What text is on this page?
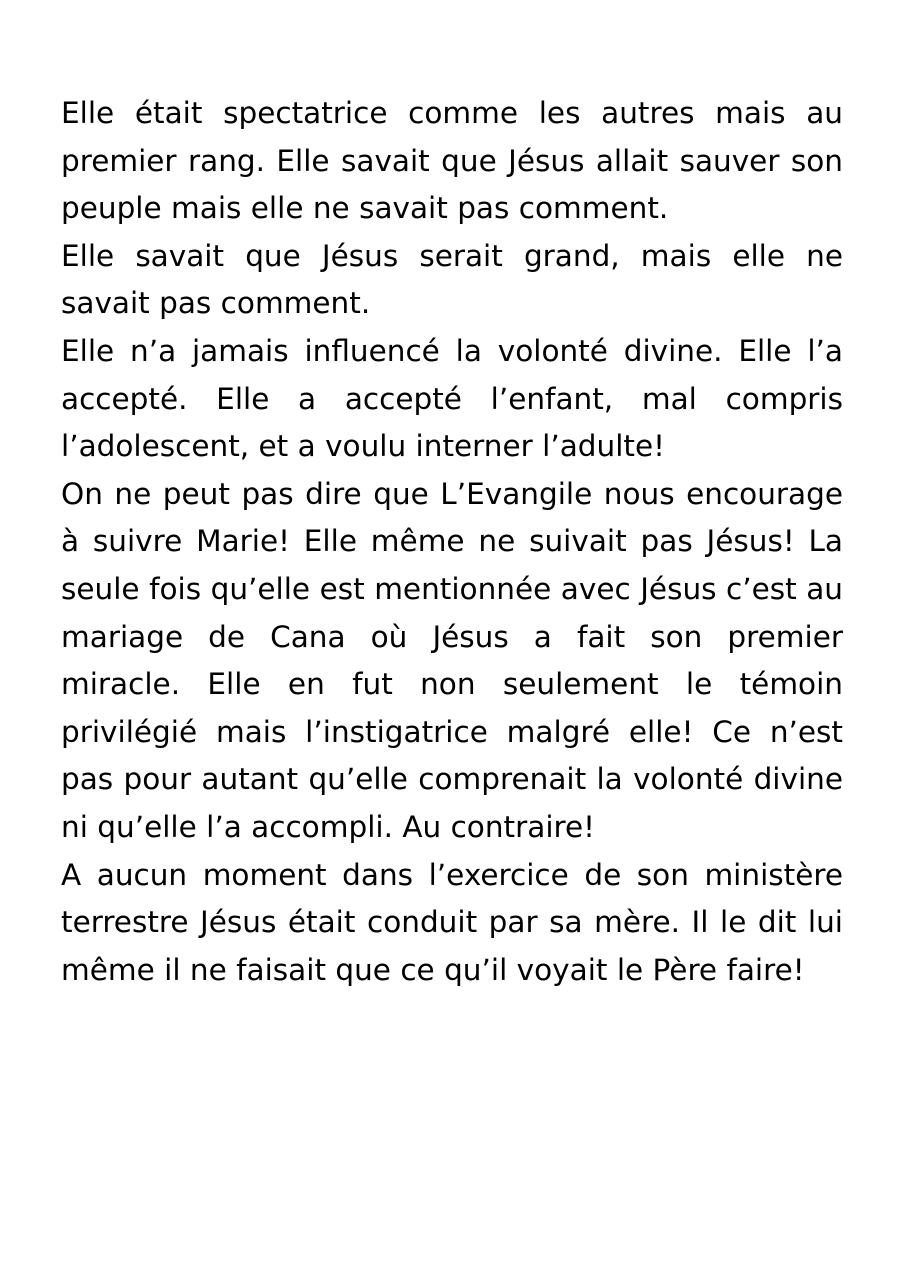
Elle était spectatrice comme les autres mais au premier rang. Elle savait que Jésus allait sauver son peuple mais elle ne savait pas comment.

Elle savait que Jésus serait grand, mais elle ne savait pas comment.

Elle n’a jamais influencé la volonté divine. Elle l’a accepté. Elle a accepté l’enfant, mal compris l’adolescent, et a voulu interner l’adulte!

On ne peut pas dire que L’Evangile nous encourage à suivre Marie! Elle même ne suivait pas Jésus! La seule fois qu’elle est mentionnée avec Jésus c’est au mariage de Cana où Jésus a fait son premier miracle. Elle en fut non seulement le témoin privilégié mais l’instigatrice malgré elle! Ce n’est pas pour autant qu’elle comprenait la volonté divine ni qu’elle l’a accompli. Au contraire!

A aucun moment dans l’exercice de son ministère terrestre Jésus était conduit par sa mère. Il le dit lui même il ne faisait que ce qu’il voyait le Père faire!
